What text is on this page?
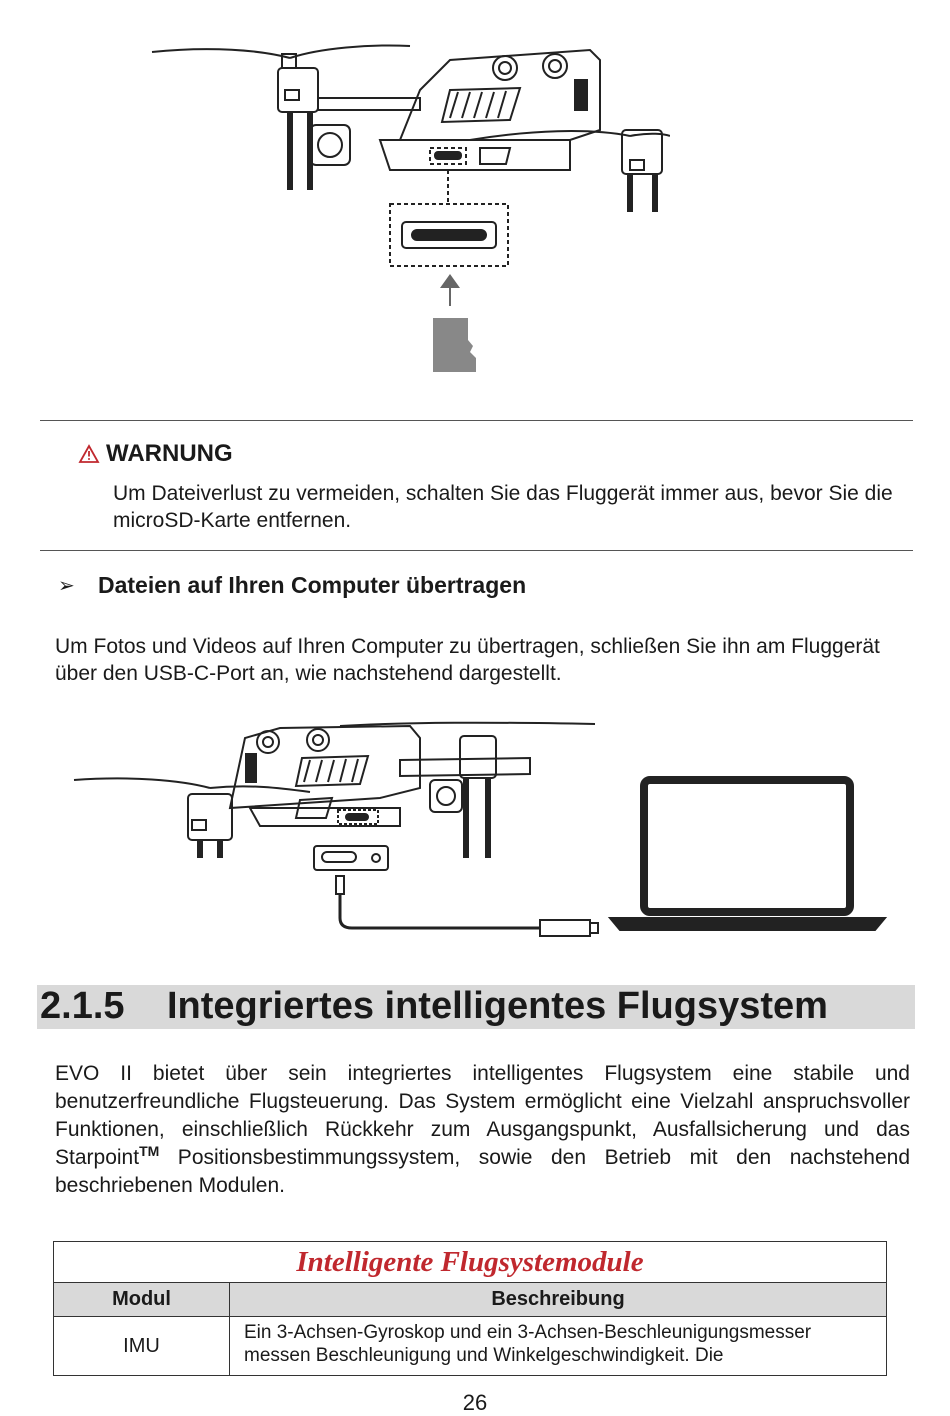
WARNUNG
Um Dateiverlust zu vermeiden, schalten Sie das Fluggerät immer aus, bevor Sie die microSD-Karte entfernen.
➢	Dateien auf Ihren Computer übertragen
Um Fotos und Videos auf Ihren Computer zu übertragen, schließen Sie ihn am Fluggerät über den USB-C-Port an, wie nachstehend dargestellt.
2.1.5 Integriertes intelligentes Flugsystem
EVO II bietet über sein integriertes intelligentes Flugsystem eine stabile und benutzerfreundliche Flugsteuerung. Das System ermöglicht eine Vielzahl anspruchsvoller Funktionen, einschließlich Rückkehr zum Ausgangspunkt, Ausfallsicherung und das Starpoint™ Positionsbestimmungssystem, sowie den Betrieb mit den nachstehend beschriebenen Modulen.
Intelligente Flugsystemodule	
Modul	Beschreibung
IMU	Ein 3-Achsen-Gyroskop und ein 3-Achsen-Beschleunigungsmesser messen Beschleunigung und Winkelgeschwindigkeit. Die
26
